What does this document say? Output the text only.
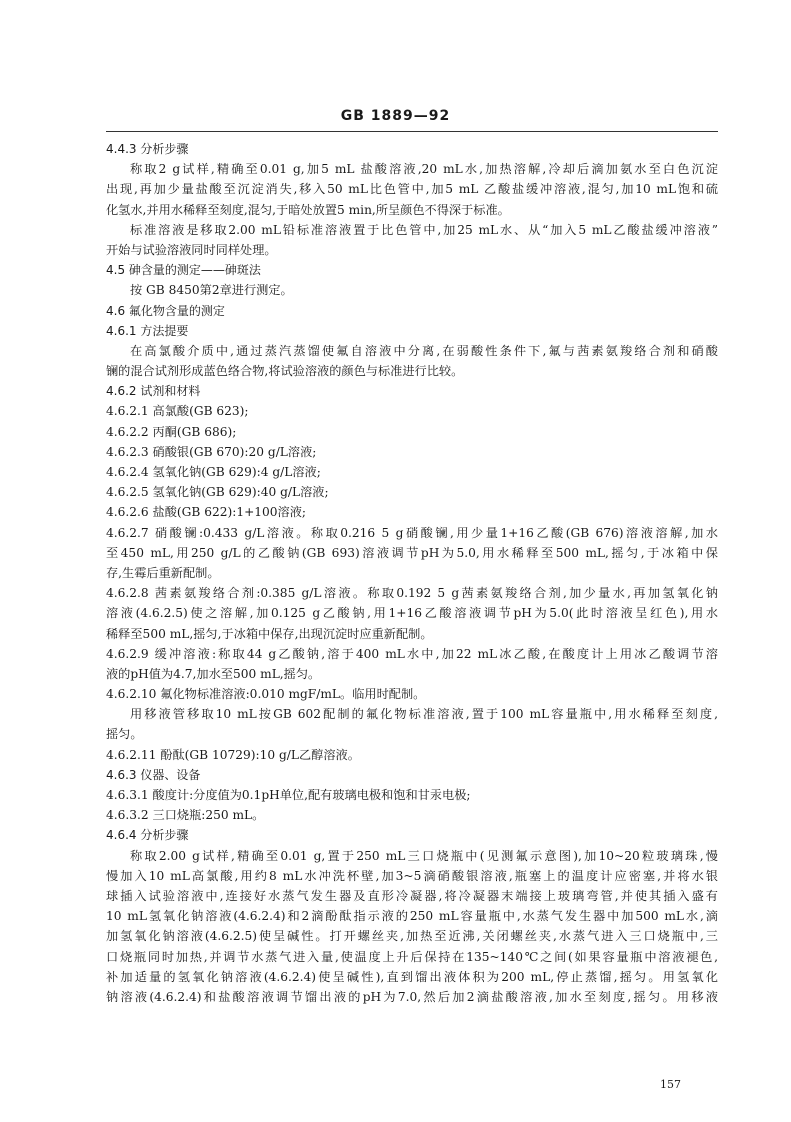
GB 1889—92
4.4.3 分析步骤
称取2 g试样,精确至0.01 g,加5 mL 盐酸溶液,20 mL水,加热溶解,冷却后滴加氨水至白色沉淀
出现,再加少量盐酸至沉淀消失,移入50 mL比色管中,加5 mL 乙酸盐缓冲溶液,混匀,加10 mL饱和硫
化氢水,并用水稀释至刻度,混匀,于暗处放置5 min,所呈颜色不得深于标准。
标准溶液是移取2.00 mL铅标准溶液置于比色管中,加25 mL水、从“加入5 mL乙酸盐缓冲溶液”
开始与试验溶液同时同样处理。
4.5 砷含量的测定——砷斑法
按 GB 8450第2章进行测定。
4.6 氟化物含量的测定
4.6.1 方法提要
在高氯酸介质中,通过蒸汽蒸馏使氟自溶液中分离,在弱酸性条件下,氟与茜素氨羧络合剂和硝酸
镧的混合试剂形成蓝色络合物,将试验溶液的颜色与标准进行比较。
4.6.2 试剂和材料
4.6.2.1 高氯酸(GB 623);
4.6.2.2 丙酮(GB 686);
4.6.2.3 硝酸银(GB 670):20 g/L溶液;
4.6.2.4 氢氧化钠(GB 629):4 g/L溶液;
4.6.2.5 氢氧化钠(GB 629):40 g/L溶液;
4.6.2.6 盐酸(GB 622):1+100溶液;
4.6.2.7 硝酸镧:0.433 g/L溶液。称取0.216 5 g硝酸镧,用少量1+16乙酸(GB 676)溶液溶解,加水
至450 mL,用250 g/L的乙酸钠(GB 693)溶液调节pH为5.0,用水稀释至500 mL,摇匀,于冰箱中保
存,生霉后重新配制。
4.6.2.8 茜素氨羧络合剂:0.385 g/L溶液。称取0.192 5 g茜素氨羧络合剂,加少量水,再加氢氧化钠
溶液(4.6.2.5)使之溶解,加0.125 g乙酸钠,用1+16乙酸溶液调节pH为5.0(此时溶液呈红色),用水
稀释至500 mL,摇匀,于冰箱中保存,出现沉淀时应重新配制。
4.6.2.9 缓冲溶液:称取44 g乙酸钠,溶于400 mL水中,加22 mL冰乙酸,在酸度计上用冰乙酸调节溶
液的pH值为4.7,加水至500 mL,摇匀。
4.6.2.10 氟化物标准溶液:0.010 mgF/mL。临用时配制。
用移液管移取10 mL按GB 602配制的氟化物标准溶液,置于100 mL容量瓶中,用水稀释至刻度,
摇匀。
4.6.2.11 酚酞(GB 10729):10 g/L乙醇溶液。
4.6.3 仪器、设备
4.6.3.1 酸度计:分度值为0.1pH单位,配有玻璃电极和饱和甘汞电极;
4.6.3.2 三口烧瓶:250 mL。
4.6.4 分析步骤
称取2.00 g试样,精确至0.01 g,置于250 mL三口烧瓶中(见测氟示意图),加10~20粒玻璃珠,慢
慢加入10 mL高氯酸,用约8 mL水冲洗杯壁,加3~5滴硝酸银溶液,瓶塞上的温度计应密塞,并将水银
球插入试验溶液中,连接好水蒸气发生器及直形冷凝器,将冷凝器末端接上玻璃弯管,并使其插入盛有
10 mL氢氧化钠溶液(4.6.2.4)和2滴酚酞指示液的250 mL容量瓶中,水蒸气发生器中加500 mL水,滴
加氢氧化钠溶液(4.6.2.5)使呈碱性。打开螺丝夹,加热至近沸,关闭螺丝夹,水蒸气进入三口烧瓶中,三
口烧瓶同时加热,并调节水蒸气进入量,使温度上升后保持在135~140℃之间(如果容量瓶中溶液褪色,
补加适量的氢氧化钠溶液(4.6.2.4)使呈碱性),直到馏出液体积为200 mL,停止蒸馏,摇匀。用氢氧化
钠溶液(4.6.2.4)和盐酸溶液调节馏出液的pH为7.0,然后加2滴盐酸溶液,加水至刻度,摇匀。用移液
157
